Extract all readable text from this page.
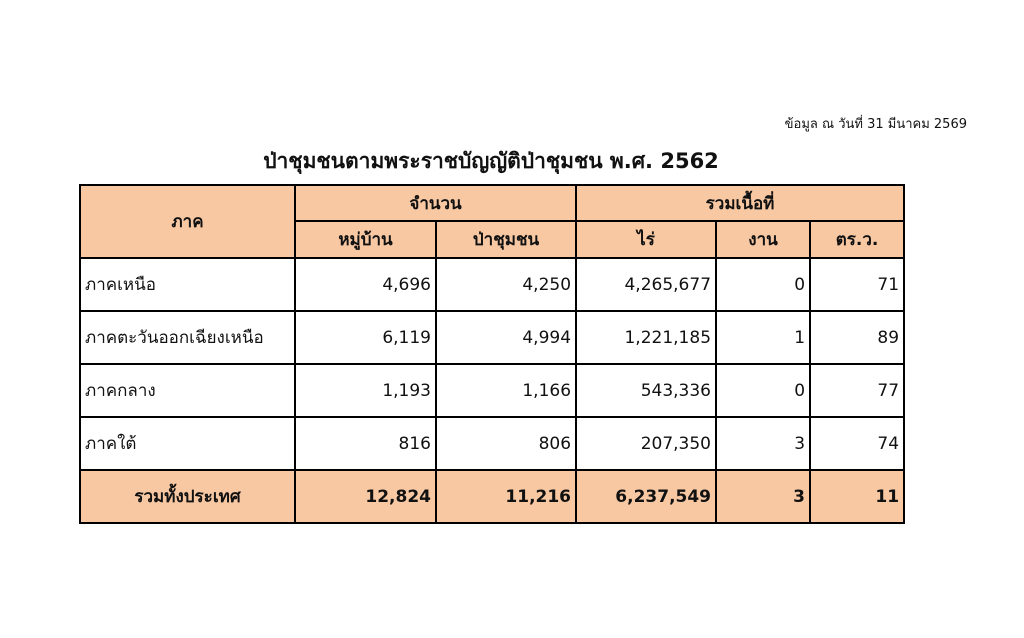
ข้อมูล ณ วันที่ 31 มีนาคม 2569
ป่าชุมชนตามพระราชบัญญัติป่าชุมชน พ.ศ. 2562
ภาค	จำนวน		รวมเนื้อที่		
	หมู่บ้าน	ป่าชุมชน	ไร่	งาน	ตร.ว.
ภาคเหนือ	4,696	4,250	4,265,677	0	71
ภาคตะวันออกเฉียงเหนือ	6,119	4,994	1,221,185	1	89
ภาคกลาง	1,193	1,166	543,336	0	77
ภาคใต้	816	806	207,350	3	74
รวมทั้งประเทศ	12,824	11,216	6,237,549	3	11
